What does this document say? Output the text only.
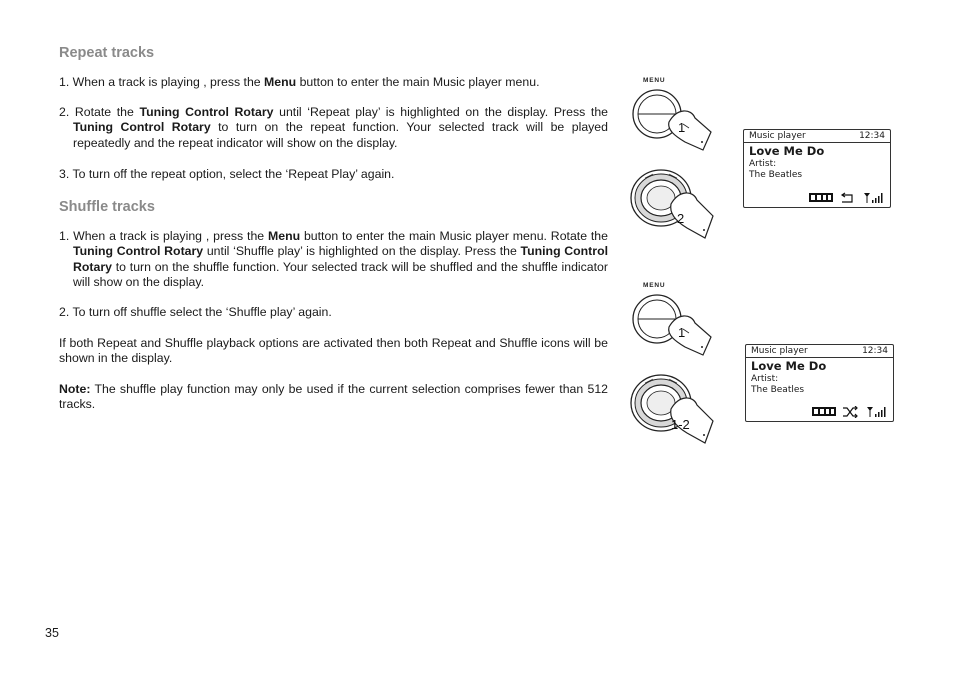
Repeat tracks

1. When a track is playing , press the Menu button to enter the main Music player menu.

2. Rotate the Tuning Control Rotary until ‘Repeat play’ is highlighted on the display. Press the Tuning Control Rotary to turn on the repeat function. Your selected track will be played repeatedly and the repeat indicator will show on the display.

3. To turn off the repeat option, select the ‘Repeat Play’ again.

Shuffle tracks

1. When a track is playing , press the Menu button to enter the main Music player menu. Rotate the Tuning Control Rotary until ‘Shuffle play’ is highlighted on the display. Press the Tuning Control Rotary to turn on the shuffle function. Your selected track will be shuffled and the shuffle indicator will show on the display.

2. To turn off shuffle select the ‘Shuffle play’ again.

If both Repeat and Shuffle playback options are activated then both Repeat and Shuffle icons will be shown in the display.

Note: The shuffle play function may only be used if the current selection comprises fewer than 512 tracks.

MENU
1
2
Music player	12:34
Love Me Do
Artist:
The Beatles
MENU
1
1-2
Music player	12:34
Love Me Do
Artist:
The Beatles
35
